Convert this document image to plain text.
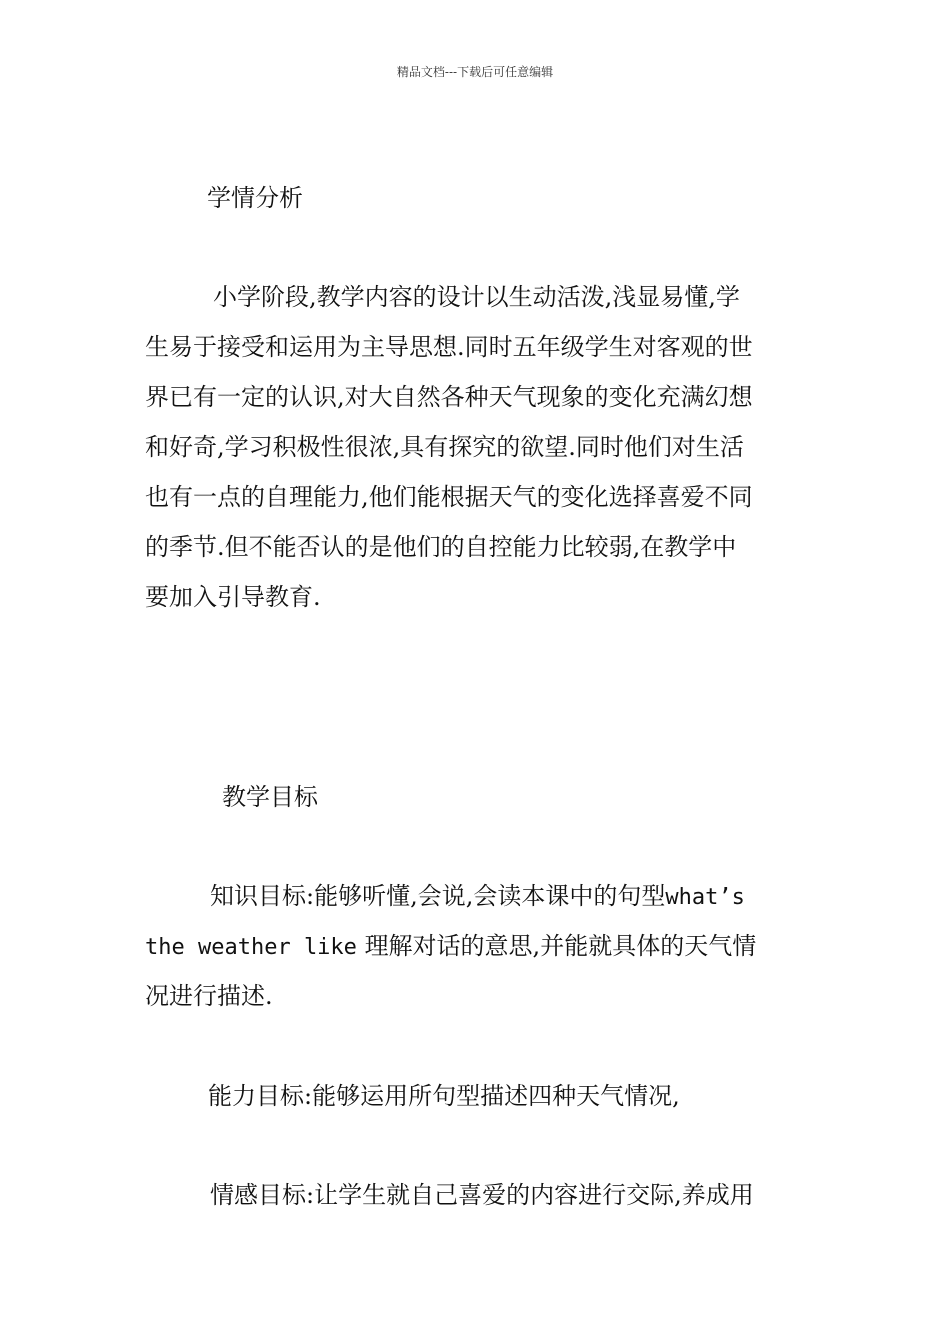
精品文档---下载后可任意编辑
学情分析
小学阶段,教学内容的设计以生动活泼,浅显易懂,学
生易于接受和运用为主导思想.同时五年级学生对客观的世
界已有一定的认识,对大自然各种天气现象的变化充满幻想
和好奇,学习积极性很浓,具有探究的欲望.同时他们对生活
也有一点的自理能力,他们能根据天气的变化选择喜爱不同
的季节.但不能否认的是他们的自控能力比较弱,在教学中
要加入引导教育.
教学目标
知识目标:能够听懂,会说,会读本课中的句型what’s
the weather like 理解对话的意思,并能就具体的天气情
况进行描述.
能力目标:能够运用所句型描述四种天气情况,
情感目标:让学生就自己喜爱的内容进行交际,养成用
